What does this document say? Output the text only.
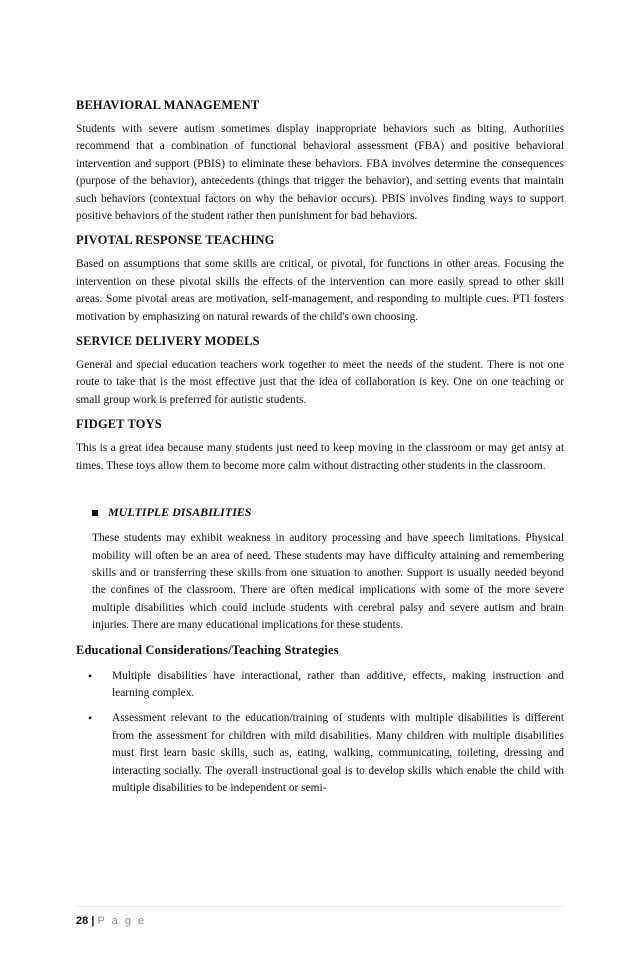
BEHAVIORAL MANAGEMENT

Students with severe autism sometimes display inappropriate behaviors such as biting. Authorities recommend that a combination of functional behavioral assessment (FBA) and positive behavioral intervention and support (PBIS) to eliminate these behaviors. FBA involves determine the consequences (purpose of the behavior), antecedents (things that trigger the behavior), and setting events that maintain such behaviors (contextual factors on why the behavior occurs). PBIS involves finding ways to support positive behaviors of the student rather then punishment for bad behaviors.

PIVOTAL RESPONSE TEACHING

Based on assumptions that some skills are critical, or pivotal, for functions in other areas. Focusing the intervention on these pivotal skills the effects of the intervention can more easily spread to other skill areas. Some pivotal areas are motivation, self-management, and responding to multiple cues. PTI fosters motivation by emphasizing on natural rewards of the child's own choosing.

SERVICE DELIVERY MODELS

General and special education teachers work together to meet the needs of the student. There is not one route to take that is the most effective just that the idea of collaboration is key. One on one teaching or small group work is preferred for autistic students.

FIDGET TOYS

This is a great idea because many students just need to keep moving in the classroom or may get antsy at times. These toys allow them to become more calm without distracting other students in the classroom.

MULTIPLE DISABILITIES

These students may exhibit weakness in auditory processing and have speech limitations. Physical mobility will often be an area of need. These students may have difficulty attaining and remembering skills and or transferring these skills from one situation to another. Support is usually needed beyond the confines of the classroom. There are often medical implications with some of the more severe multiple disabilities which could include students with cerebral palsy and severe autism and brain injuries. There are many educational implications for these students.

Educational Considerations/Teaching Strategies
• Multiple disabilities have interactional, rather than additive, effects, making instruction and learning complex.

• Assessment relevant to the education/training of students with multiple disabilities is different from the assessment for children with mild disabilities. Many children with multiple disabilities must first learn basic skills, such as, eating, walking, communicating, toileting, dressing and interacting socially. The overall instructional goal is to develop skills which enable the child with multiple disabilities to be independent or semi-

28 | P a g e
